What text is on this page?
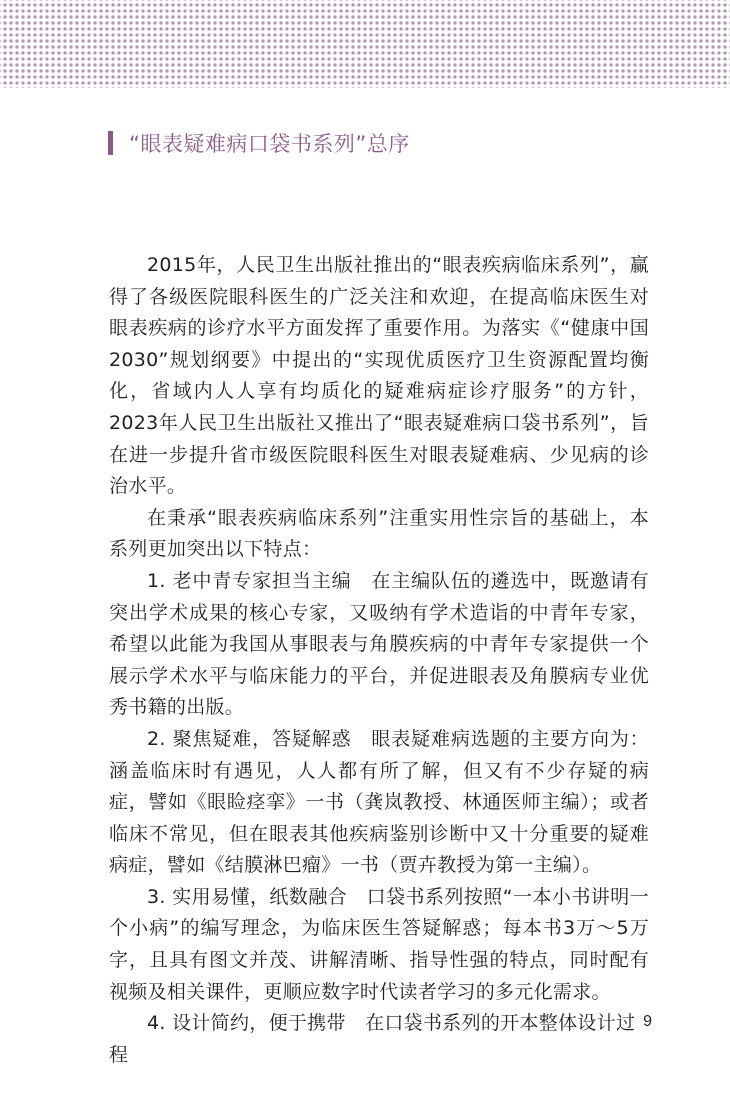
“眼表疑难病口袋书系列”总序

2015年，人民卫生出版社推出的“眼表疾病临床系列”，赢得了各级医院眼科医生的广泛关注和欢迎，在提高临床医生对眼表疾病的诊疗水平方面发挥了重要作用。为落实《“健康中国2030”规划纲要》中提出的“实现优质医疗卫生资源配置均衡化，省域内人人享有均质化的疑难病症诊疗服务”的方针，2023年人民卫生出版社又推出了“眼表疑难病口袋书系列”，旨在进一步提升省市级医院眼科医生对眼表疑难病、少见病的诊治水平。

在秉承“眼表疾病临床系列”注重实用性宗旨的基础上，本系列更加突出以下特点：

1. 老中青专家担当主编　在主编队伍的遴选中，既邀请有突出学术成果的核心专家，又吸纳有学术造诣的中青年专家，希望以此能为我国从事眼表与角膜疾病的中青年专家提供一个展示学术水平与临床能力的平台，并促进眼表及角膜病专业优秀书籍的出版。

2. 聚焦疑难，答疑解惑　眼表疑难病选题的主要方向为：涵盖临床时有遇见，人人都有所了解，但又有不少存疑的病症，譬如《眼睑痉挛》一书（龚岚教授、林通医师主编）；或者临床不常见，但在眼表其他疾病鉴别诊断中又十分重要的疑难病症，譬如《结膜淋巴瘤》一书（贾卉教授为第一主编）。

3. 实用易懂，纸数融合　口袋书系列按照“一本小书讲明一个小病”的编写理念，为临床医生答疑解惑；每本书3万～5万字，且具有图文并茂、讲解清晰、指导性强的特点，同时配有视频及相关课件，更顺应数字时代读者学习的多元化需求。

4. 设计简约，便于携带　在口袋书系列的开本整体设计过程

9
